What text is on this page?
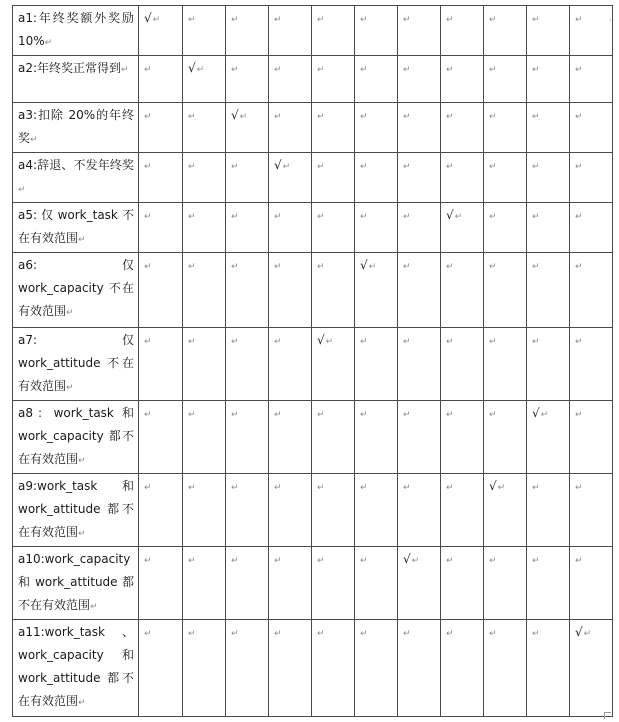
a1:年终奖额外奖励10%↵	√↵	↵	↵	↵	↵	↵	↵	↵	↵	↵	↵
a2:年终奖正常得到↵	↵	√↵	↵	↵	↵	↵	↵	↵	↵	↵	↵
a3:扣除 20%的年终奖↵	↵	↵	√↵	↵	↵	↵	↵	↵	↵	↵	↵
a4:辞退、不发年终奖↵	↵	↵	↵	√↵	↵	↵	↵	↵	↵	↵	↵
a5: 仅 work_task 不在有效范围↵	↵	↵	↵	↵	↵	↵	↵	√↵	↵	↵	↵
a6: 仅 work_capacity 不在有效范围↵	↵	↵	↵	↵	↵	√↵	↵	↵	↵	↵	↵
a7: 仅 work_attitude 不在有效范围↵	↵	↵	↵	↵	√↵	↵	↵	↵	↵	↵	↵
a8：work_task 和 work_capacity 都不在有效范围↵	↵	↵	↵	↵	↵	↵	↵	↵	↵	√↵	↵
a9:work_task 和 work_attitude 都不在有效范围↵	↵	↵	↵	↵	↵	↵	↵	↵	√↵	↵	↵
a10:work_capacity 和 work_attitude 都不在有效范围↵	↵	↵	↵	↵	↵	↵	√↵	↵	↵	↵	↵
a11:work_task 、work_capacity 和 work_attitude 都不在有效范围↵	↵	↵	↵	↵	↵	↵	↵	↵	↵	↵	√↵
·
